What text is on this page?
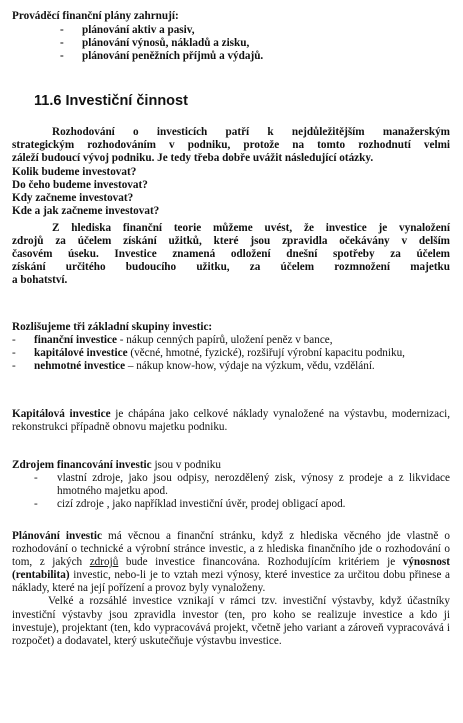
Prováděcí finanční plány zahrnují:

-	plánování aktiv a pasiv,
-	plánování výnosů, nákladů a zisku,
-	plánování peněžních příjmů a výdajů.
11.6 Investiční činnost

Rozhodování o investicích patří k nejdůležitějším manažerským

strategickým rozhodováním v podniku, protože na tomto rozhodnutí velmi

záleží budoucí vývoj podniku. Je tedy třeba dobře uvážit následující otázky.

Kolik budeme investovat?

Do čeho budeme investovat?

Kdy začneme investovat?

Kde a jak začneme investovat?

Z hlediska finanční teorie můžeme uvést, že investice je vynaložení

zdrojů za účelem získání užitků, které jsou zpravidla očekávány v delším

časovém úseku. Investice znamená odložení dnešní spotřeby za účelem

získání určitého budoucího užitku, za účelem rozmnožení majetku

a bohatství.

Rozlišujeme tři základní skupiny investic:

-	finanční investice - nákup cenných papírů, uložení peněz v bance,
-	kapitálové investice (věcné, hmotné, fyzické), rozšiřují výrobní kapacitu podniku,
-	nehmotné investice – nákup know-how, výdaje na výzkum, vědu, vzdělání.

Kapitálová investice je chápána jako celkové náklady vynaložené na výstavbu, modernizaci, rekonstrukci případně obnovu majetku podniku.

Zdrojem financování investic jsou v podniku

-	vlastní zdroje, jako jsou odpisy, nerozdělený zisk, výnosy z prodeje a z likvidace hmotného majetku apod.
-	cizí zdroje , jako například investiční úvěr, prodej obligací apod.

Plánování investic má věcnou a finanční stránku, když z hlediska věcného jde vlastně o rozhodování o technické a výrobní stránce investic, a z hlediska finančního jde o rozhodování o tom, z jakých zdrojů bude investice financována. Rozhodujícím kritériem je výnosnost (rentabilita) investic, nebo-li je to vztah mezi výnosy, které investice za určitou dobu přinese a náklady, které na její pořízení a provoz byly vynaloženy.

Velké a rozsáhlé investice vznikají v rámci tzv. investiční výstavby, když účastníky investiční výstavby jsou zpravidla investor (ten, pro koho se realizuje investice a kdo ji investuje), projektant (ten, kdo vypracovává projekt, včetně jeho variant a zároveň vypracovává i rozpočet) a dodavatel, který uskutečňuje výstavbu investice.
